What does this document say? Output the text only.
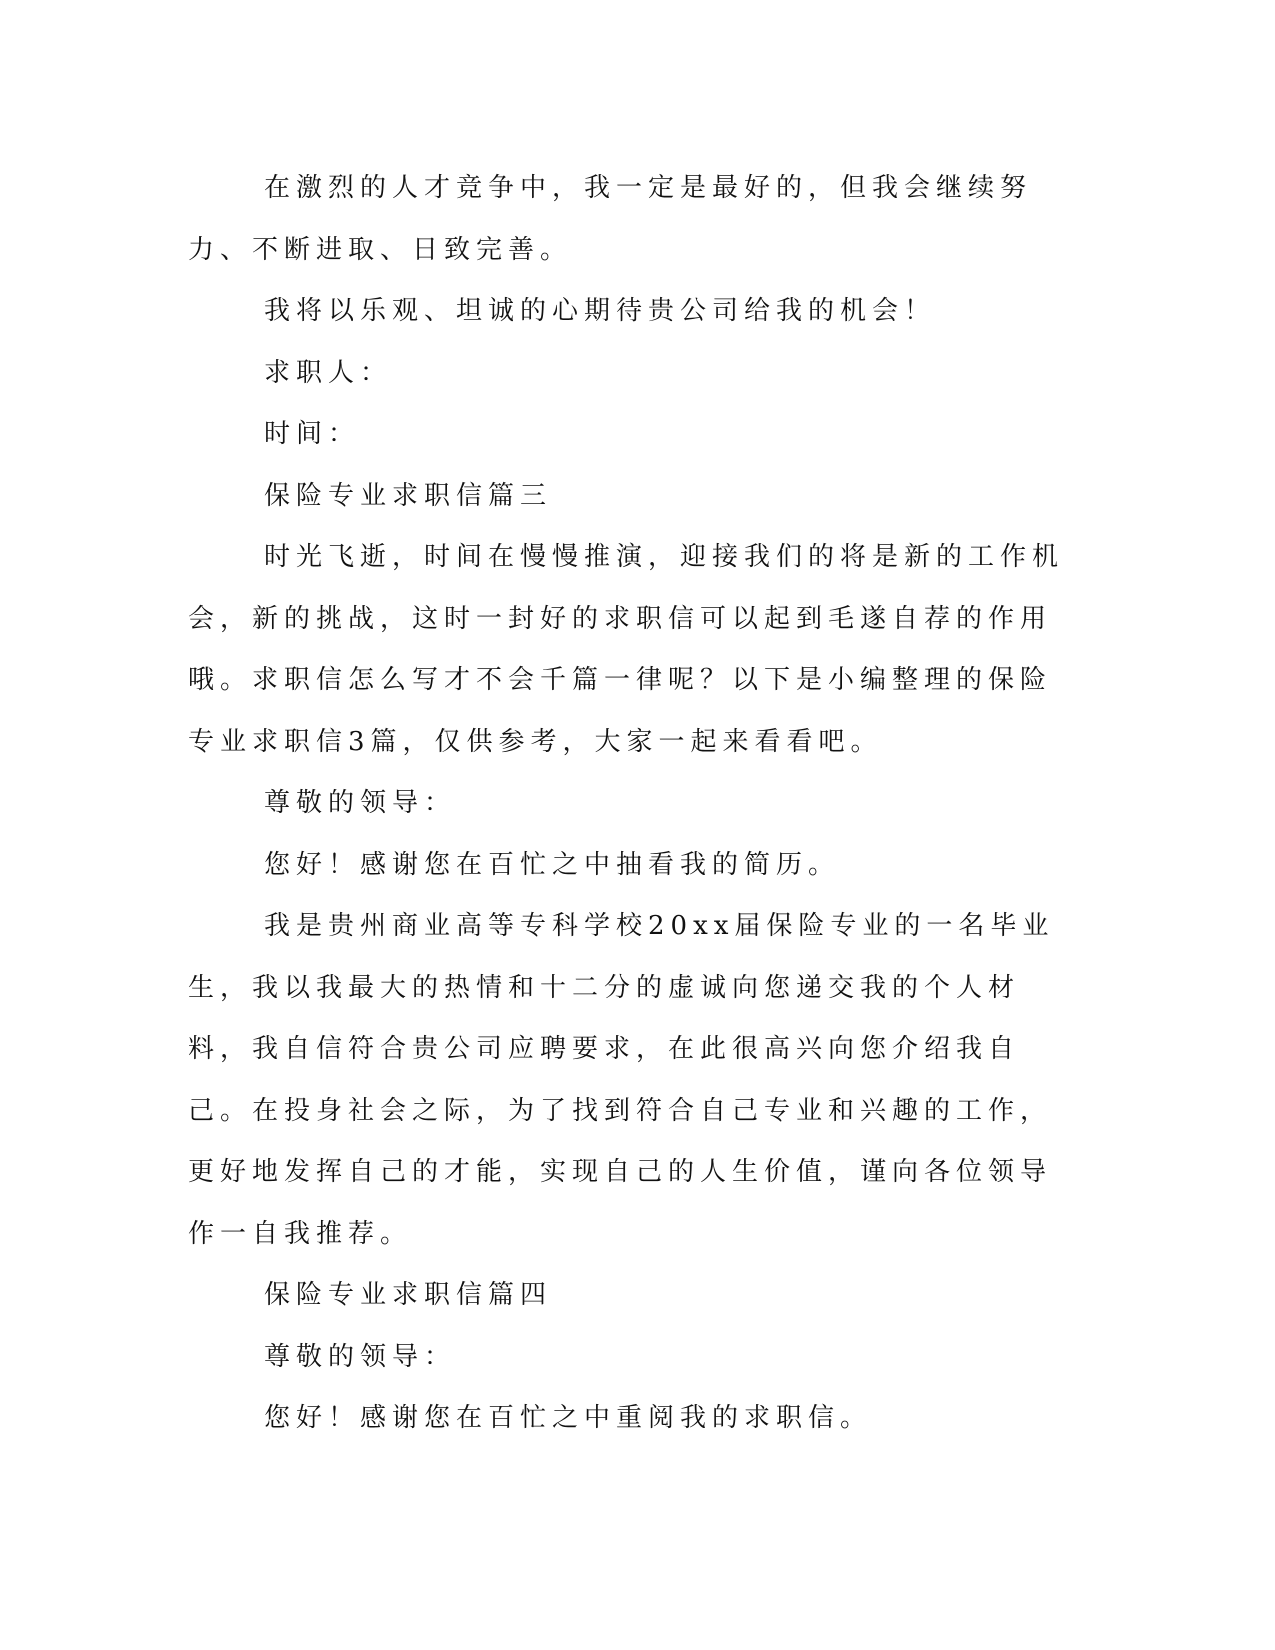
在激烈的人才竞争中，我一定是最好的，但我会继续努力、不断进取、日致完善。

我将以乐观、坦诚的心期待贵公司给我的机会！

求职人：

时间：

保险专业求职信篇三

时光飞逝，时间在慢慢推演，迎接我们的将是新的工作机会，新的挑战，这时一封好的求职信可以起到毛遂自荐的作用哦。求职信怎么写才不会千篇一律呢？以下是小编整理的保险专业求职信3篇，仅供参考，大家一起来看看吧。

尊敬的领导：

您好！感谢您在百忙之中抽看我的简历。

我是贵州商业高等专科学校20xx届保险专业的一名毕业生，我以我最大的热情和十二分的虚诚向您递交我的个人材料，我自信符合贵公司应聘要求，在此很高兴向您介绍我自己。在投身社会之际，为了找到符合自己专业和兴趣的工作，更好地发挥自己的才能，实现自己的人生价值，谨向各位领导作一自我推荐。

保险专业求职信篇四

尊敬的领导：

您好！感谢您在百忙之中重阅我的求职信。
